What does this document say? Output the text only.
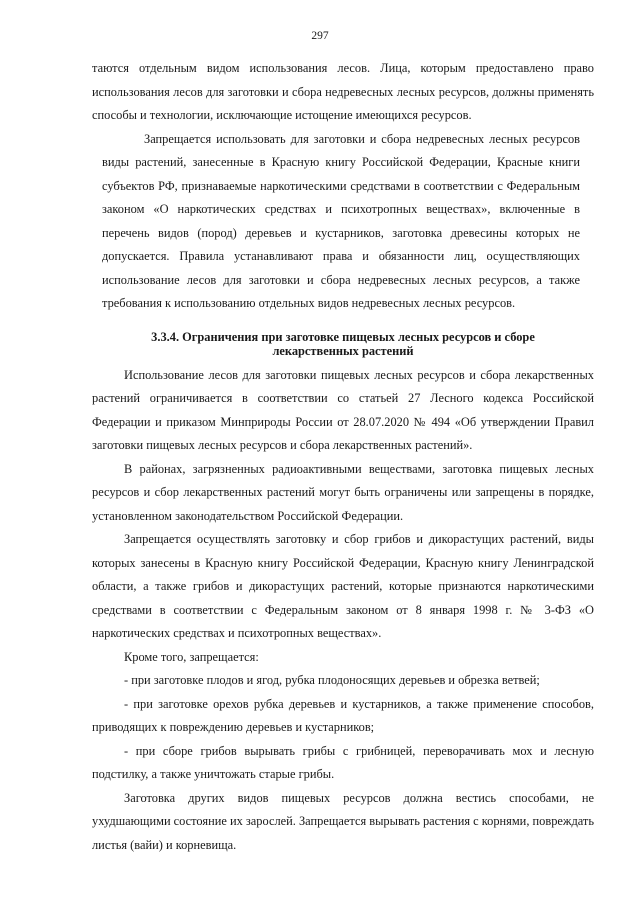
297

таются отдельным видом использования лесов. Лица, которым предоставлено право использования лесов для заготовки и сбора недревесных лесных ресурсов, должны применять способы и технологии, исключающие истощение имеющихся ресурсов.

Запрещается использовать для заготовки и сбора недревесных лесных ресурсов виды растений, занесенные в Красную книгу Российской Федерации, Красные книги субъектов РФ, признаваемые наркотическими средствами в соответствии с Федеральным законом «О наркотических средствах и психотропных веществах», включенные в перечень видов (пород) деревьев и кустарников, заготовка древесины которых не допускается. Правила устанавливают права и обязанности лиц, осуществляющих использование лесов для заготовки и сбора недревесных лесных ресурсов, а также требования к использованию отдельных видов недревесных лесных ресурсов.

3.3.4. Ограничения при заготовке пищевых лесных ресурсов и сборе
лекарственных растений

Использование лесов для заготовки пищевых лесных ресурсов и сбора лекарственных растений ограничивается в соответствии со статьей 27 Лесного кодекса Российской Федерации и приказом Минприроды России от 28.07.2020 № 494 «Об утверждении Правил заготовки пищевых лесных ресурсов и сбора лекарственных растений».

В районах, загрязненных радиоактивными веществами, заготовка пищевых лесных ресурсов и сбор лекарственных растений могут быть ограничены или запрещены в порядке, установленном законодательством Российской Федерации.

Запрещается осуществлять заготовку и сбор грибов и дикорастущих растений, виды которых занесены в Красную книгу Российской Федерации, Красную книгу Ленинградской области, а также грибов и дикорастущих растений, которые признаются наркотическими средствами в соответствии с Федеральным законом от 8 января 1998 г. № 3-ФЗ «О наркотических средствах и психотропных веществах».

Кроме того, запрещается:

- при заготовке плодов и ягод, рубка плодоносящих деревьев и обрезка ветвей;

- при заготовке орехов рубка деревьев и кустарников, а также применение способов, приводящих к повреждению деревьев и кустарников;

- при сборе грибов вырывать грибы с грибницей, переворачивать мох и лесную подстилку, а также уничтожать старые грибы.

Заготовка других видов пищевых ресурсов должна вестись способами, не ухудшающими состояние их зарослей. Запрещается вырывать растения с корнями, повреждать листья (вайи) и корневища.
